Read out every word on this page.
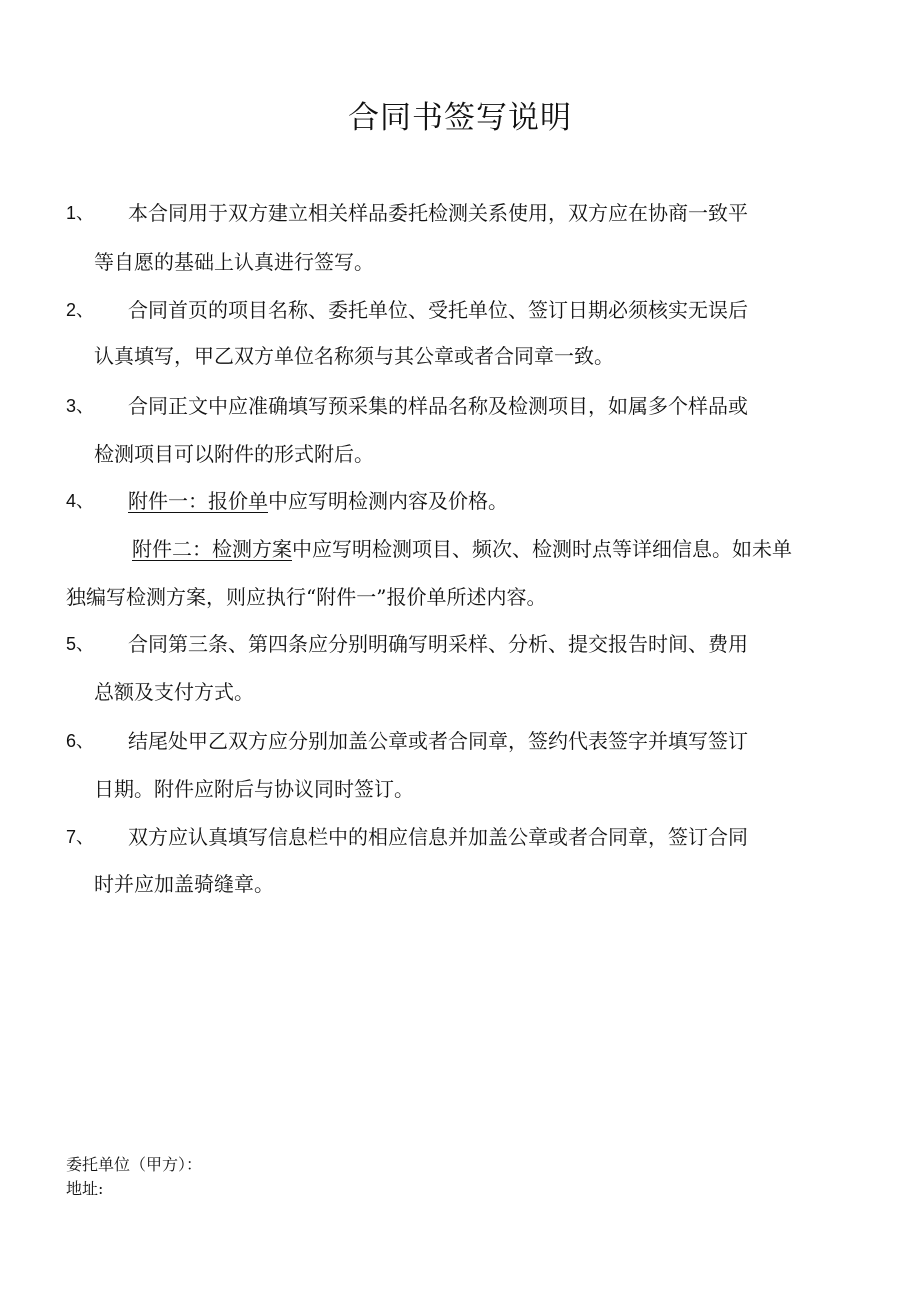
合同书签写说明
1、 本合同用于双方建立相关样品委托检测关系使用，双方应在协商一致平
等自愿的基础上认真进行签写。
2、 合同首页的项目名称、委托单位、受托单位、签订日期必须核实无误后
认真填写，甲乙双方单位名称须与其公章或者合同章一致。
3、 合同正文中应准确填写预采集的样品名称及检测项目，如属多个样品或
检测项目可以附件的形式附后。
4、 附件一：报价单中应写明检测内容及价格。
附件二：检测方案中应写明检测项目、频次、检测时点等详细信息。如未单
独编写检测方案，则应执行“附件一”报价单所述内容。
5、 合同第三条、第四条应分别明确写明采样、分析、提交报告时间、费用
总额及支付方式。
6、 结尾处甲乙双方应分别加盖公章或者合同章，签约代表签字并填写签订
日期。附件应附后与协议同时签订。
7、 双方应认真填写信息栏中的相应信息并加盖公章或者合同章，签订合同
时并应加盖骑缝章。
委托单位（甲方）：
地址:
